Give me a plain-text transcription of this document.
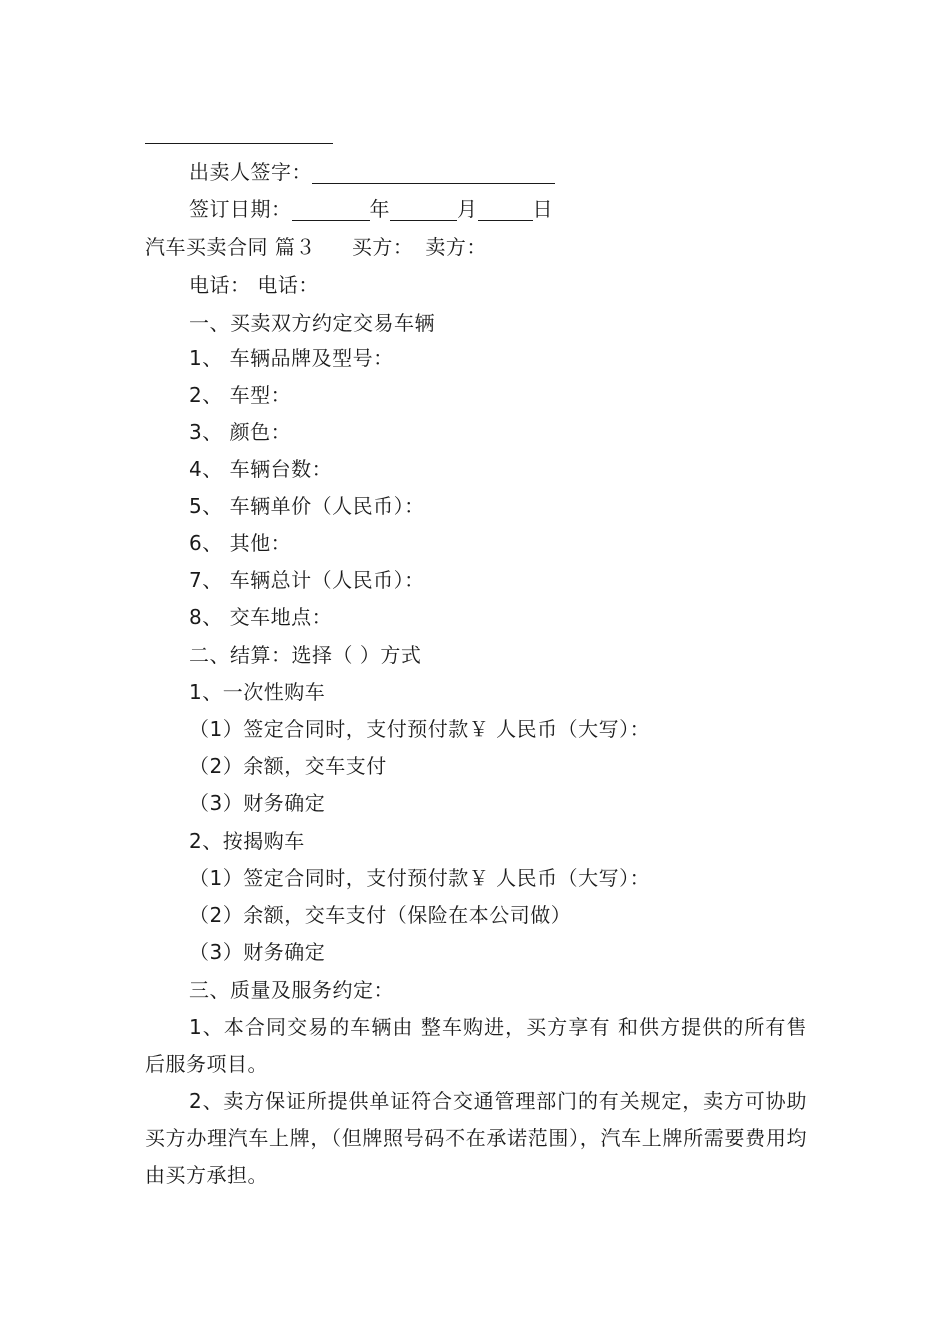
出卖人签字：
签订日期：	年	月	日
汽车买卖合同 篇３ 买方： 卖方：
电话： 电话：
一、买卖双方约定交易车辆
1、 车辆品牌及型号：
2、 车型：
3、 颜色：
4、 车辆台数：
5、 车辆单价（人民币）：
6、 其他：
7、 车辆总计（人民币）：
8、 交车地点：
二、结算：选择（ ）方式
1、一次性购车
（1）签定合同时，支付预付款￥ 人民币（大写）：
（2）余额，交车支付
（3）财务确定
2、按揭购车
（1）签定合同时，支付预付款￥ 人民币（大写）：
（2）余额，交车支付（保险在本公司做）
（3）财务确定
三、质量及服务约定：
1、本合同交易的车辆由 整车购进，买方享有 和供方提供的所有售后服务项目。
2、卖方保证所提供单证符合交通管理部门的有关规定，卖方可协助买方办理汽车上牌，（但牌照号码不在承诺范围），汽车上牌所需要费用均由买方承担。
